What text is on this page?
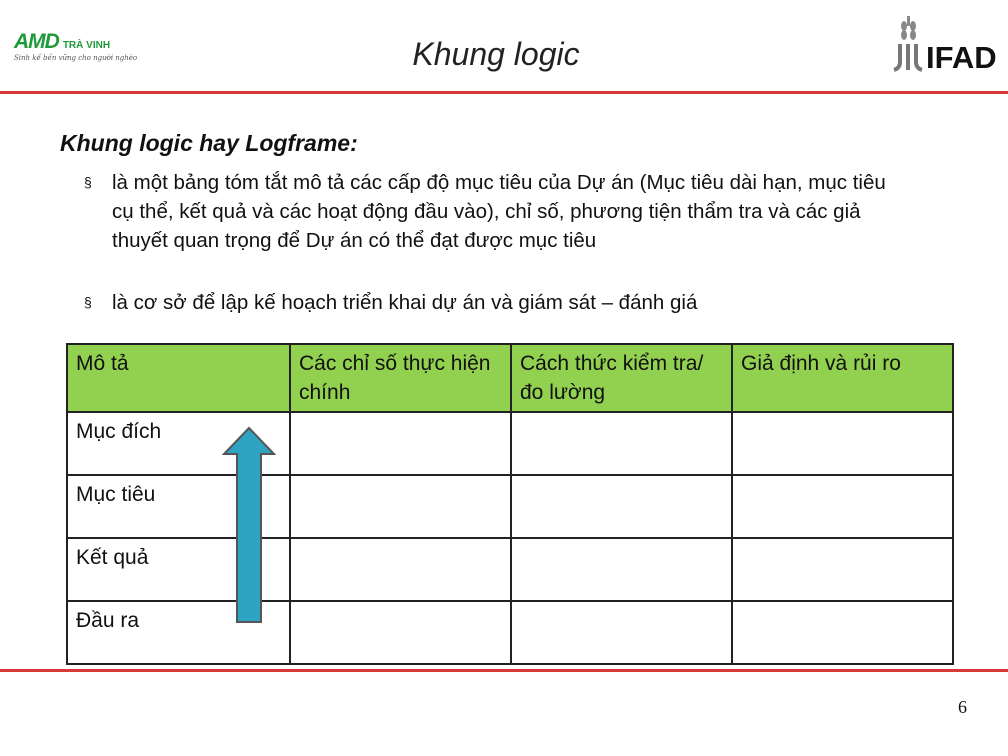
AMD TRÀ VINH
Sinh kế bền vững cho người nghèo	Khung logic	IFAD
Khung logic hay Logframe:
§ là một bảng tóm tắt mô tả các cấp độ mục tiêu của Dự án (Mục tiêu dài hạn, mục tiêu cụ thể, kết quả và các hoạt động đầu vào), chỉ số, phương tiện thẩm tra và các giả thuyết quan trọng để Dự án có thể đạt được mục tiêu
§ là cơ sở để lập kế hoạch triển khai dự án và giám sát – đánh giá
Mô tả	Các chỉ số thực hiện chính	Cách thức kiểm tra/ đo lường	Giả định và rủi ro
Mục đích			
Mục tiêu			
Kết quả			
Đầu ra			
6
